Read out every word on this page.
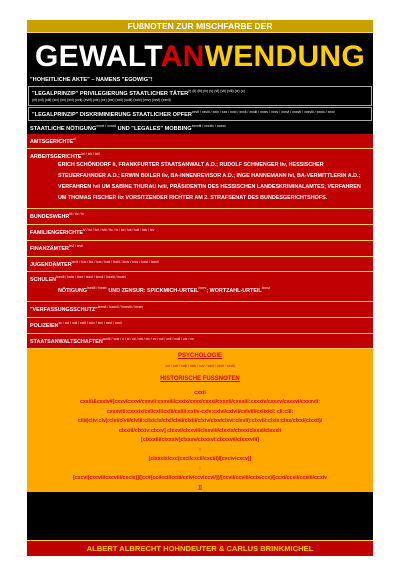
FUßNOTEN ZUR MISCHFARBE DER
GEWALTANWENDUNG
"HOHEITLICHE AKTE" – NAMENS "EGOWIG"!
"LEGALPRINZIP" PRIVILEGIERUNG STAATLICHER $TÄTER^{(i) (ii) (iii) (iv) (v) (vi) (vii) (viii) (ix) (x)}$
(xi) (xii) (xiii) (xiv) (xv) (xvi) (xvii) (xviii) (xix) (xx) (xxi) (xxii) (xxiii) (xxiv) (xxv) (xxvi) (xxvii)
"LEGALPRINZIP" DISKRIMINIERUNG STAATLICHER $OPFER^{xxvii / xxviii / xxix / xxx / xxxi / xxxii / xxxiii / xxxiv / xxxv / xxxvi / xxxvii / xxxviii / xxxix / xxxx}$
STAATLICHE $NÖTIGUNG^{xxxxi / xxxxii}$ UND "LEGALES" $MOBBING^{xxxxiii / xxxxiv / xxxxv}$
$AMTSGERICHTE^{xl}$
$ARBEITSGERICHTE^{lxi / lxii / lxiii}$
ERICH SCHÖNDORF li, FRANKFURTER STAATSANWALT A.D.; RUDOLF SCHMENGER liv, HESSISCHER STEUERFAHNDER A.D.; ERWIN BIXLER liv, BA-INNENREVISOR A.D.; INGE HANNEMANN lvi, BA-VERMITTLERIN A.D.; VERFAHREN lvii UM SABINE THURAU lviii, PRÄSIDENTIN DES HESSISCHEN LANDESKRIMINALAMTES; VERFAHREN UM THOMAS FISCHER lix VORSITZENDER RICHTER AM 2. STRAFSENAT DES BUNDESGERICHTSHOFS.
$BUNDESWEHR^{liii / liv / lv}$
$FAMILIENGERICHTE^{lv / lvi / lvii / lviii / lix / lx / lxi / lxii / lxiii / lxiv / lxv}$
$FINANZÄMTER^{lxvi / lxvii}$
$JUGENDÄMTER^{lxviii / lxix / lxx / lxxi / lxxii / lxxiii / lxxiv / lxxv / lxxvi / lxxvii}$
$SCHULEN^{lxxviii / lxxix / lxxx / lxxxi / lxxxii / lxxxiii / lxxxiv}$
$NÖTIGUNG^{lxxxiii / lxxxiv}$ UND ZENSUR: SPICKMICH-$URTEIL^{lxxxv}$; WORTZAHL-$URTEIL^{lxxxvi}$
"VERFASSUNGSSCHUTZ"$^{lxxxvi / lxxxvii / lxxxviii / lxxxix}$
$POLIZEIEN^{xc / xci / xcii / xciii / xciv / xcv / xcvi / xcvii}$
$STAATSANWALTSCHAFTEN^{xcviii / xcix / c / ci / cii / ciii / civ / cv / cvi / cvii / cviii / cix / cx}$
PSYCHOLOGIE
cxi / cxii / cxiii / cxiv / cxv / cxvi / cxvii / cxviii
HISTORISCHE FUSSNOTEN
cxxii
cxxiii&cxxiv#[cxxv/cxxvi/cxxvii:cxxviii/cxxix/cxxx/cxxxi/cxxxii/cxxxiii:cxxxiv/cxxxv/cxxxvi/cxxxvii:
cxxxviii:cxxxix/cxl/cxli/cxlii/cxliii:cxliv-cxlv:cxlvi/cxlvii/cxlviii/cxlix/cl: cli:clii:
cliii(cliv:clv):clvi/clvii/clviii:clix/clx/clxi/clxii/clxiii/clxiv/clxv/clxvi:clxvii):clxviii:clxix:clxx/clxxi(clxxii)/
clxxiii/clxxiv:clxxv] clxxvi/clxxvii/clxxviii/clxxix/clxxx/clxxxi/clxxxii
[clxxxiii/clxxxiv]clxxxv/clxxxvi:clxxxvii/clxxxviii]
:
[clxxxix/cxc(cxci/cxcii/cxciii)/[cxciv/cxcv)]
:
[cxcvi(cxcvii/cxcviii/cxcix)]/[cc#[cci/ccii/cciii/cciv/ccv/ccvi/)]/[ccvii/ccviii/ccix/ccx)/[ccxi/ccxii/ccxiii/ccxiv
]]
ALBERT ALBRECHT HOHNDEUTER & CARLUS BRINKMICHEL
